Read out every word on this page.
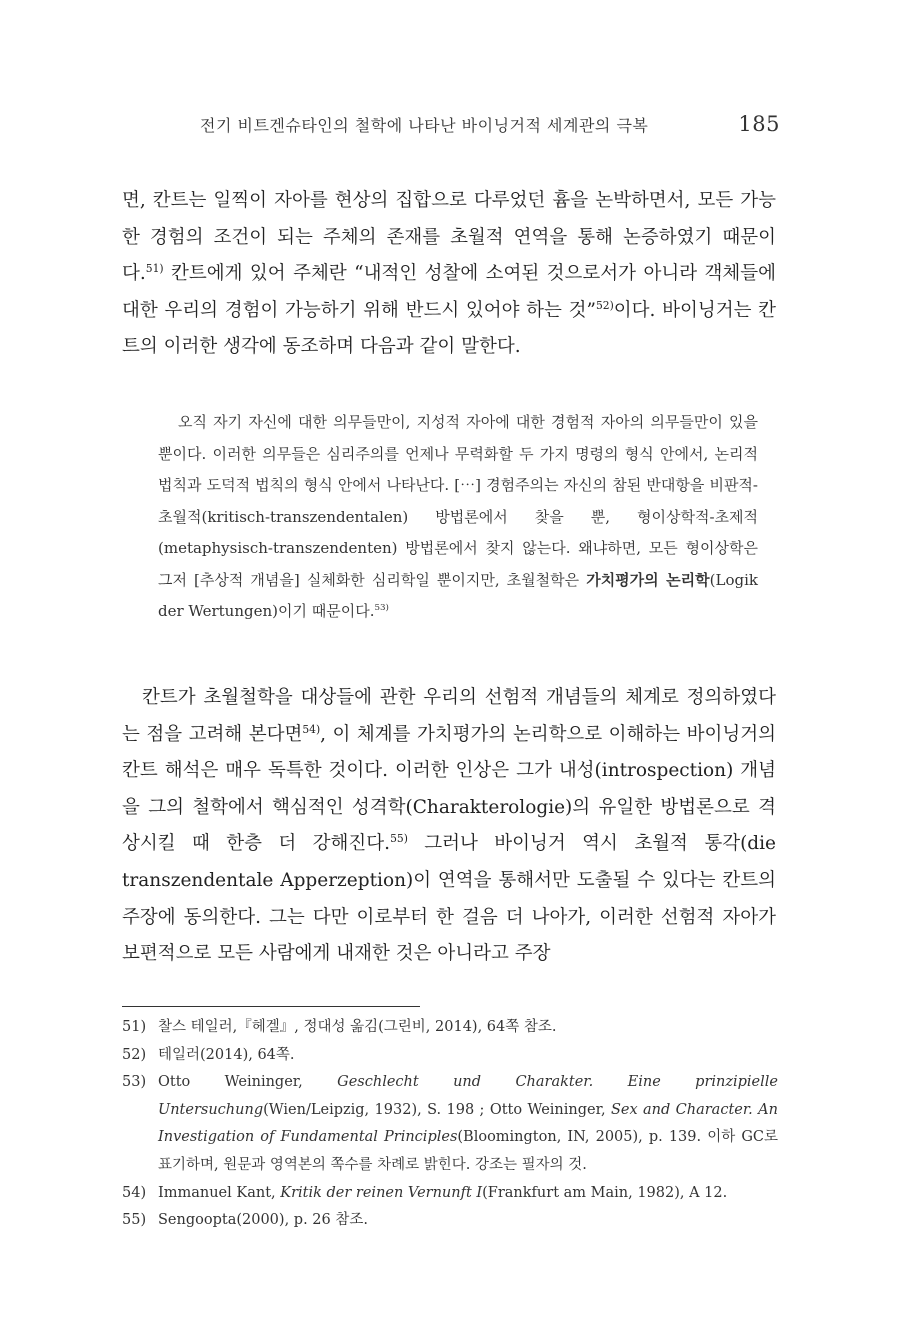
전기 비트겐슈타인의 철학에 나타난 바이닝거적 세계관의 극복	185

면, 칸트는 일찍이 자아를 현상의 집합으로 다루었던 흄을 논박하면서, 모든 가능한 경험의 조건이 되는 주체의 존재를 초월적 연역을 통해 논증하였기 때문이다.$^{51)}$ 칸트에게 있어 주체란 “내적인 성찰에 소여된 것으로서가 아니라 객체들에 대한 우리의 경험이 가능하기 위해 반드시 있어야 하는 것”$^{52)}$이다. 바이닝거는 칸트의 이러한 생각에 동조하며 다음과 같이 말한다.

오직 자기 자신에 대한 의무들만이, 지성적 자아에 대한 경험적 자아의 의무들만이 있을 뿐이다. 이러한 의무들은 심리주의를 언제나 무력화할 두 가지 명령의 형식 안에서, 논리적 법칙과 도덕적 법칙의 형식 안에서 나타난다. [⋯] 경험주의는 자신의 참된 반대항을 비판적-초월적(kritisch-transzendentalen) 방법론에서 찾을 뿐, 형이상학적-초제적(metaphysisch-transzendenten) 방법론에서 찾지 않는다. 왜냐하면, 모든 형이상학은 그저 [추상적 개념을] 실체화한 심리학일 뿐이지만, 초월철학은 가치평가의 논리학(Logik der Wertungen)이기 때문이다.$^{53)}$

칸트가 초월철학을 대상들에 관한 우리의 선험적 개념들의 체계로 정의하였다는 점을 고려해 본다면$^{54)}$, 이 체계를 가치평가의 논리학으로 이해하는 바이닝거의 칸트 해석은 매우 독특한 것이다. 이러한 인상은 그가 내성(introspection) 개념을 그의 철학에서 핵심적인 성격학(Charakterologie)의 유일한 방법론으로 격상시킬 때 한층 더 강해진다.$^{55)}$ 그러나 바이닝거 역시 초월적 통각(die transzendentale Apperzeption)이 연역을 통해서만 도출될 수 있다는 칸트의 주장에 동의한다. 그는 다만 이로부터 한 걸음 더 나아가, 이러한 선험적 자아가 보편적으로 모든 사람에게 내재한 것은 아니라고 주장

51) 찰스 테일러,『헤겔』, 정대성 옮김(그린비, 2014), 64쪽 참조.
52) 테일러(2014), 64쪽.
53) Otto Weininger, Geschlecht und Charakter. Eine prinzipielle Untersuchung(Wien/Leipzig, 1932), S. 198 ; Otto Weininger, Sex and Character. An Investigation of Fundamental Principles(Bloomington, IN, 2005), p. 139. 이하 GC로 표기하며, 원문과 영역본의 쪽수를 차례로 밝힌다. 강조는 필자의 것.
54) Immanuel Kant, Kritik der reinen Vernunft I(Frankfurt am Main, 1982), A 12.
55) Sengoopta(2000), p. 26 참조.
